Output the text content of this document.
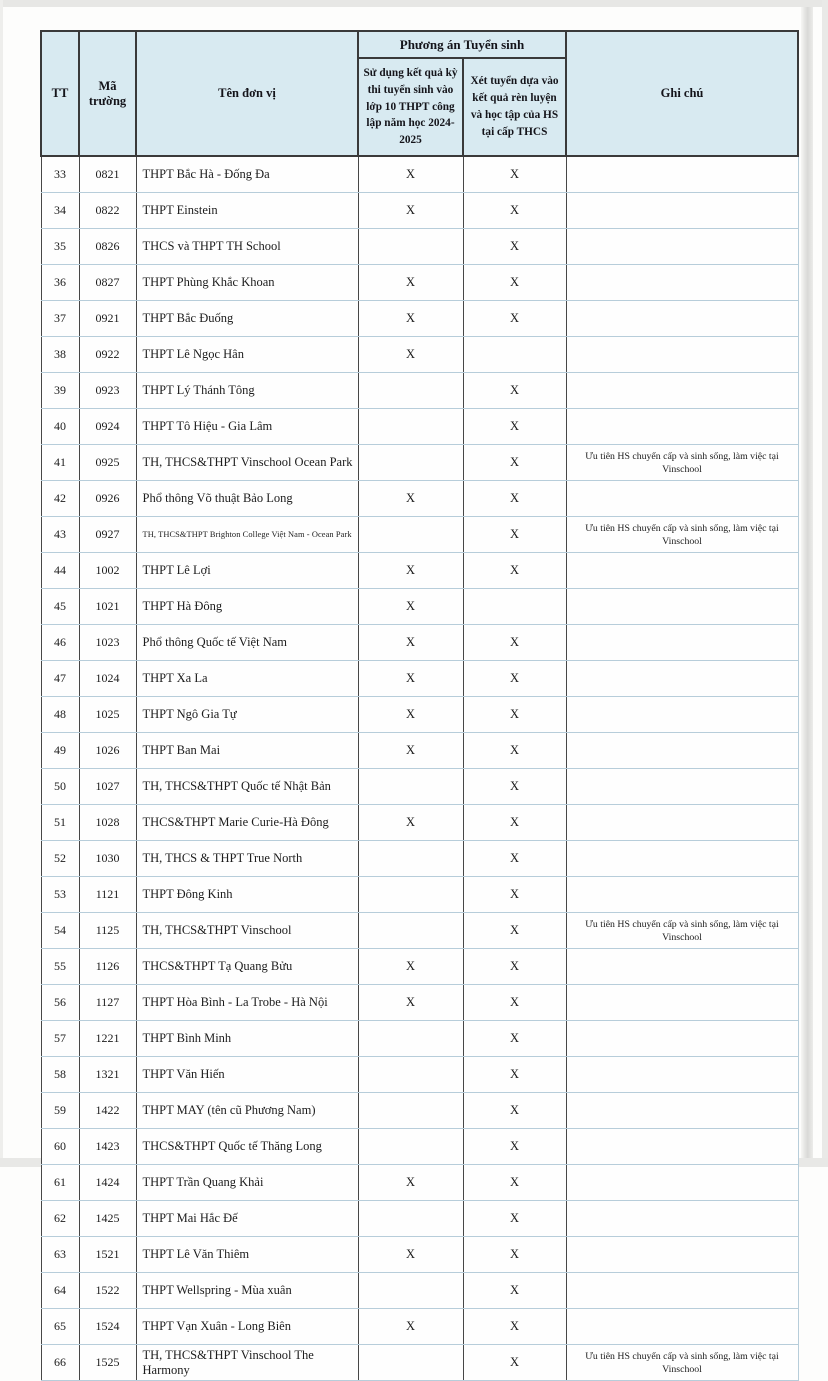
TT	Mã trường	Tên đơn vị	Phương án Tuyển sinh		Ghi chú
			Sử dụng kết quả kỳ thi tuyển sinh vào lớp 10 THPT công lập năm học 2024-2025	Xét tuyển dựa vào kết quả rèn luyện và học tập của HS tại cấp THCS	
33	0821	THPT Bắc Hà - Đống Đa	X	X	
34	0822	THPT Einstein	X	X	
35	0826	THCS và THPT TH School		X	
36	0827	THPT Phùng Khắc Khoan	X	X	
37	0921	THPT Bắc Đuống	X	X	
38	0922	THPT Lê Ngọc Hân	X		
39	0923	THPT Lý Thánh Tông		X	
40	0924	THPT Tô Hiệu - Gia Lâm		X	
41	0925	TH, THCS&THPT Vinschool Ocean Park		X	Ưu tiên HS chuyển cấp và sinh sống, làm việc tại Vinschool
42	0926	Phổ thông Võ thuật Bảo Long	X	X	
43	0927	TH, THCS&THPT Brighton College Việt Nam - Ocean Park		X	Ưu tiên HS chuyển cấp và sinh sống, làm việc tại Vinschool
44	1002	THPT Lê Lợi	X	X	
45	1021	THPT Hà Đông	X		
46	1023	Phổ thông Quốc tế Việt Nam	X	X	
47	1024	THPT Xa La	X	X	
48	1025	THPT Ngô Gia Tự	X	X	
49	1026	THPT Ban Mai	X	X	
50	1027	TH, THCS&THPT Quốc tế Nhật Bản		X	
51	1028	THCS&THPT Marie Curie-Hà Đông	X	X	
52	1030	TH, THCS & THPT True North		X	
53	1121	THPT Đông Kinh		X	
54	1125	TH, THCS&THPT Vinschool		X	Ưu tiên HS chuyển cấp và sinh sống, làm việc tại Vinschool
55	1126	THCS&THPT Tạ Quang Bửu	X	X	
56	1127	THPT Hòa Bình - La Trobe - Hà Nội	X	X	
57	1221	THPT Bình Minh		X	
58	1321	THPT Văn Hiến		X	
59	1422	THPT MAY (tên cũ Phương Nam)		X	
60	1423	THCS&THPT Quốc tế Thăng Long		X	
61	1424	THPT Trần Quang Khải	X	X	
62	1425	THPT Mai Hắc Đế		X	
63	1521	THPT Lê Văn Thiêm	X	X	
64	1522	THPT Wellspring - Mùa xuân		X	
65	1524	THPT Vạn Xuân - Long Biên	X	X	
66	1525	TH, THCS&THPT Vinschool The Harmony		X	Ưu tiên HS chuyển cấp và sinh sống, làm việc tại Vinschool
